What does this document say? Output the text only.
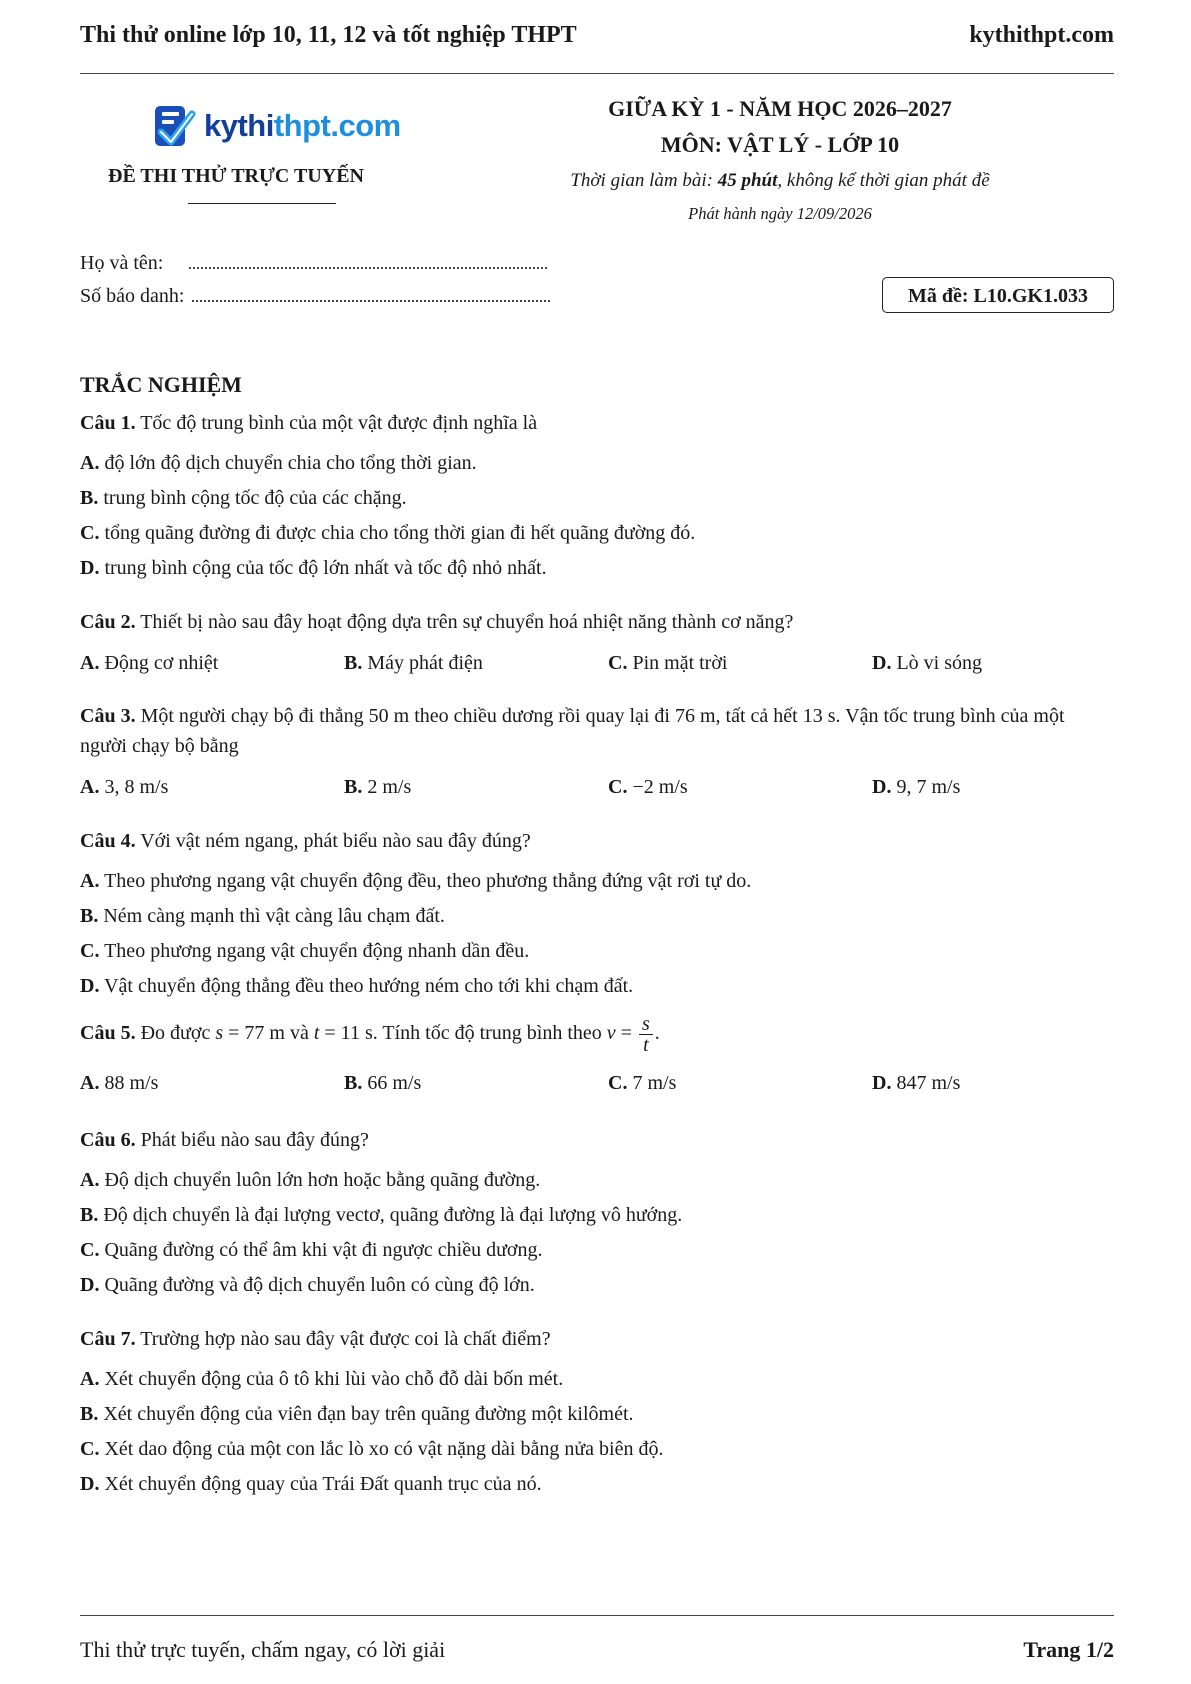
Thi thử online lớp 10, 11, 12 và tốt nghiệp THPT	kythithpt.com
kythithpt.com
ĐỀ THI THỬ TRỰC TUYẾN
GIỮA KỲ 1 - NĂM HỌC 2026–2027
MÔN: VẬT LÝ - LỚP 10
Thời gian làm bài: 45 phút, không kể thời gian phát đề
Phát hành ngày 12/09/2026
Họ và tên:
Số báo danh:	Mã đề: L10.GK1.033
TRẮC NGHIỆM
Câu 1. Tốc độ trung bình của một vật được định nghĩa là
A. độ lớn độ dịch chuyển chia cho tổng thời gian.
B. trung bình cộng tốc độ của các chặng.
C. tổng quãng đường đi được chia cho tổng thời gian đi hết quãng đường đó.
D. trung bình cộng của tốc độ lớn nhất và tốc độ nhỏ nhất.
Câu 2. Thiết bị nào sau đây hoạt động dựa trên sự chuyển hoá nhiệt năng thành cơ năng?
A. Động cơ nhiệt	B. Máy phát điện	C. Pin mặt trời	D. Lò vi sóng
Câu 3. Một người chạy bộ đi thẳng 50 m theo chiều dương rồi quay lại đi 76 m, tất cả hết 13 s. Vận tốc trung bình của một người chạy bộ bằng
A. 3, 8 m/s	B. 2 m/s	C. −2 m/s	D. 9, 7 m/s
Câu 4. Với vật ném ngang, phát biểu nào sau đây đúng?
A. Theo phương ngang vật chuyển động đều, theo phương thẳng đứng vật rơi tự do.
B. Ném càng mạnh thì vật càng lâu chạm đất.
C. Theo phương ngang vật chuyển động nhanh dần đều.
D. Vật chuyển động thẳng đều theo hướng ném cho tới khi chạm đất.
Câu 5. Đo được s = 77 m và t = 11 s. Tính tốc độ trung bình theo $v = \frac{s}{t}$ .
A. 88 m/s	B. 66 m/s	C. 7 m/s	D. 847 m/s
Câu 6. Phát biểu nào sau đây đúng?
A. Độ dịch chuyển luôn lớn hơn hoặc bằng quãng đường.
B. Độ dịch chuyển là đại lượng vectơ, quãng đường là đại lượng vô hướng.
C. Quãng đường có thể âm khi vật đi ngược chiều dương.
D. Quãng đường và độ dịch chuyển luôn có cùng độ lớn.
Câu 7. Trường hợp nào sau đây vật được coi là chất điểm?
A. Xét chuyển động của ô tô khi lùi vào chỗ đỗ dài bốn mét.
B. Xét chuyển động của viên đạn bay trên quãng đường một kilômét.
C. Xét dao động của một con lắc lò xo có vật nặng dài bằng nửa biên độ.
D. Xét chuyển động quay của Trái Đất quanh trục của nó.
Thi thử trực tuyến, chấm ngay, có lời giải	Trang 1/2
